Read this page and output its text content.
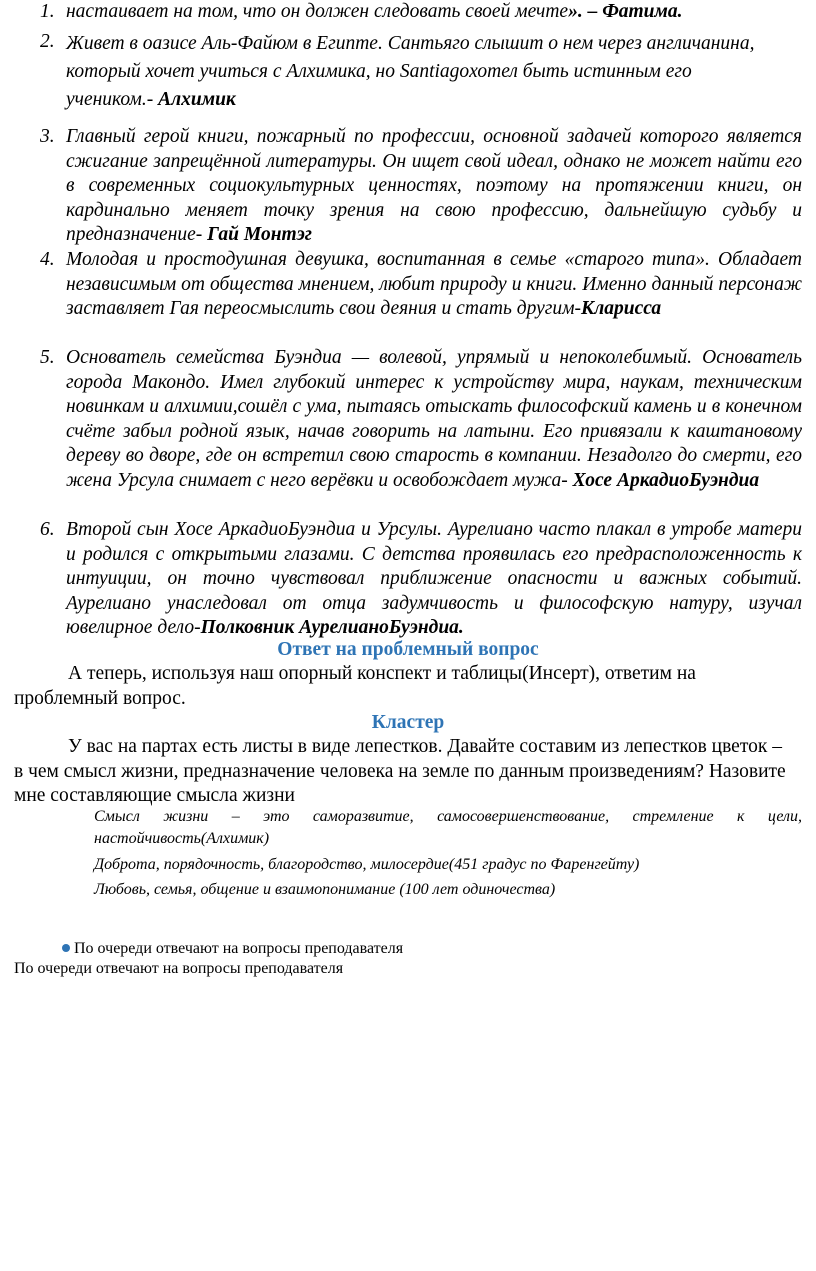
1. настаивает на том, что он должен следовать своей мечте». – Фатима.
2. Живет в оазисе Аль-Файюм в Египте. Сантьяго слышит о нем через англичанина, который хочет учиться с Алхимика, но Santiagoхотел быть истинным его учеником.- Алхимик
3. Главный герой книги, пожарный по профессии, основной задачей которого является сжигание запрещённой литературы. Он ищет свой идеал, однако не может найти его в современных социокультурных ценностях, поэтому на протяжении книги, он кардинально меняет точку зрения на свою профессию, дальнейшую судьбу и предназначение- Гай Монтэг
4. Молодая и простодушная девушка, воспитанная в семье «старого типа». Обладает независимым от общества мнением, любит природу и книги. Именно данный персонаж заставляет Гая переосмыслить свои деяния и стать другим-Кларисса
5. Основатель семейства Буэндиа — волевой, упрямый и непоколебимый. Основатель города Макондо. Имел глубокий интерес к устройству мира, наукам, техническим новинкам и алхимии,сошёл с ума, пытаясь отыскать философский камень и в конечном счёте забыл родной язык, начав говорить на латыни. Его привязали к каштановому дереву во дворе, где он встретил свою старость в компании. Незадолго до смерти, его жена Урсула снимает с него верёвки и освобождает мужа- Хосе АркадиоБуэндиа
6. Второй сын Хосе АркадиоБуэндиа и Урсулы. Аурелиано часто плакал в утробе матери и родился с открытыми глазами. С детства проявилась его предрасположенность к интуиции, он точно чувствовал приближение опасности и важных событий. Аурелиано унаследовал от отца задумчивость и философскую натуру, изучал ювелирное дело-Полковник АурелианоБуэндиа.
Ответ на проблемный вопрос
А теперь, используя наш опорный конспект и таблицы(Инсерт), ответим на проблемный вопрос.
Кластер
У вас на партах есть листы в виде лепестков. Давайте составим из лепестков цветок – в чем смысл жизни, предназначение человека на земле по данным произведениям? Назовите мне составляющие смысла жизни
Смысл жизни – это саморазвитие, самосовершенствование, стремление к цели, настойчивость(Алхимик)
Доброта, порядочность, благородство, милосердие(451 градус по Фаренгейту)
Любовь, семья, общение и взаимопонимание (100 лет одиночества)
По очереди отвечают на вопросы преподавателя
По очереди отвечают на вопросы преподавателя
